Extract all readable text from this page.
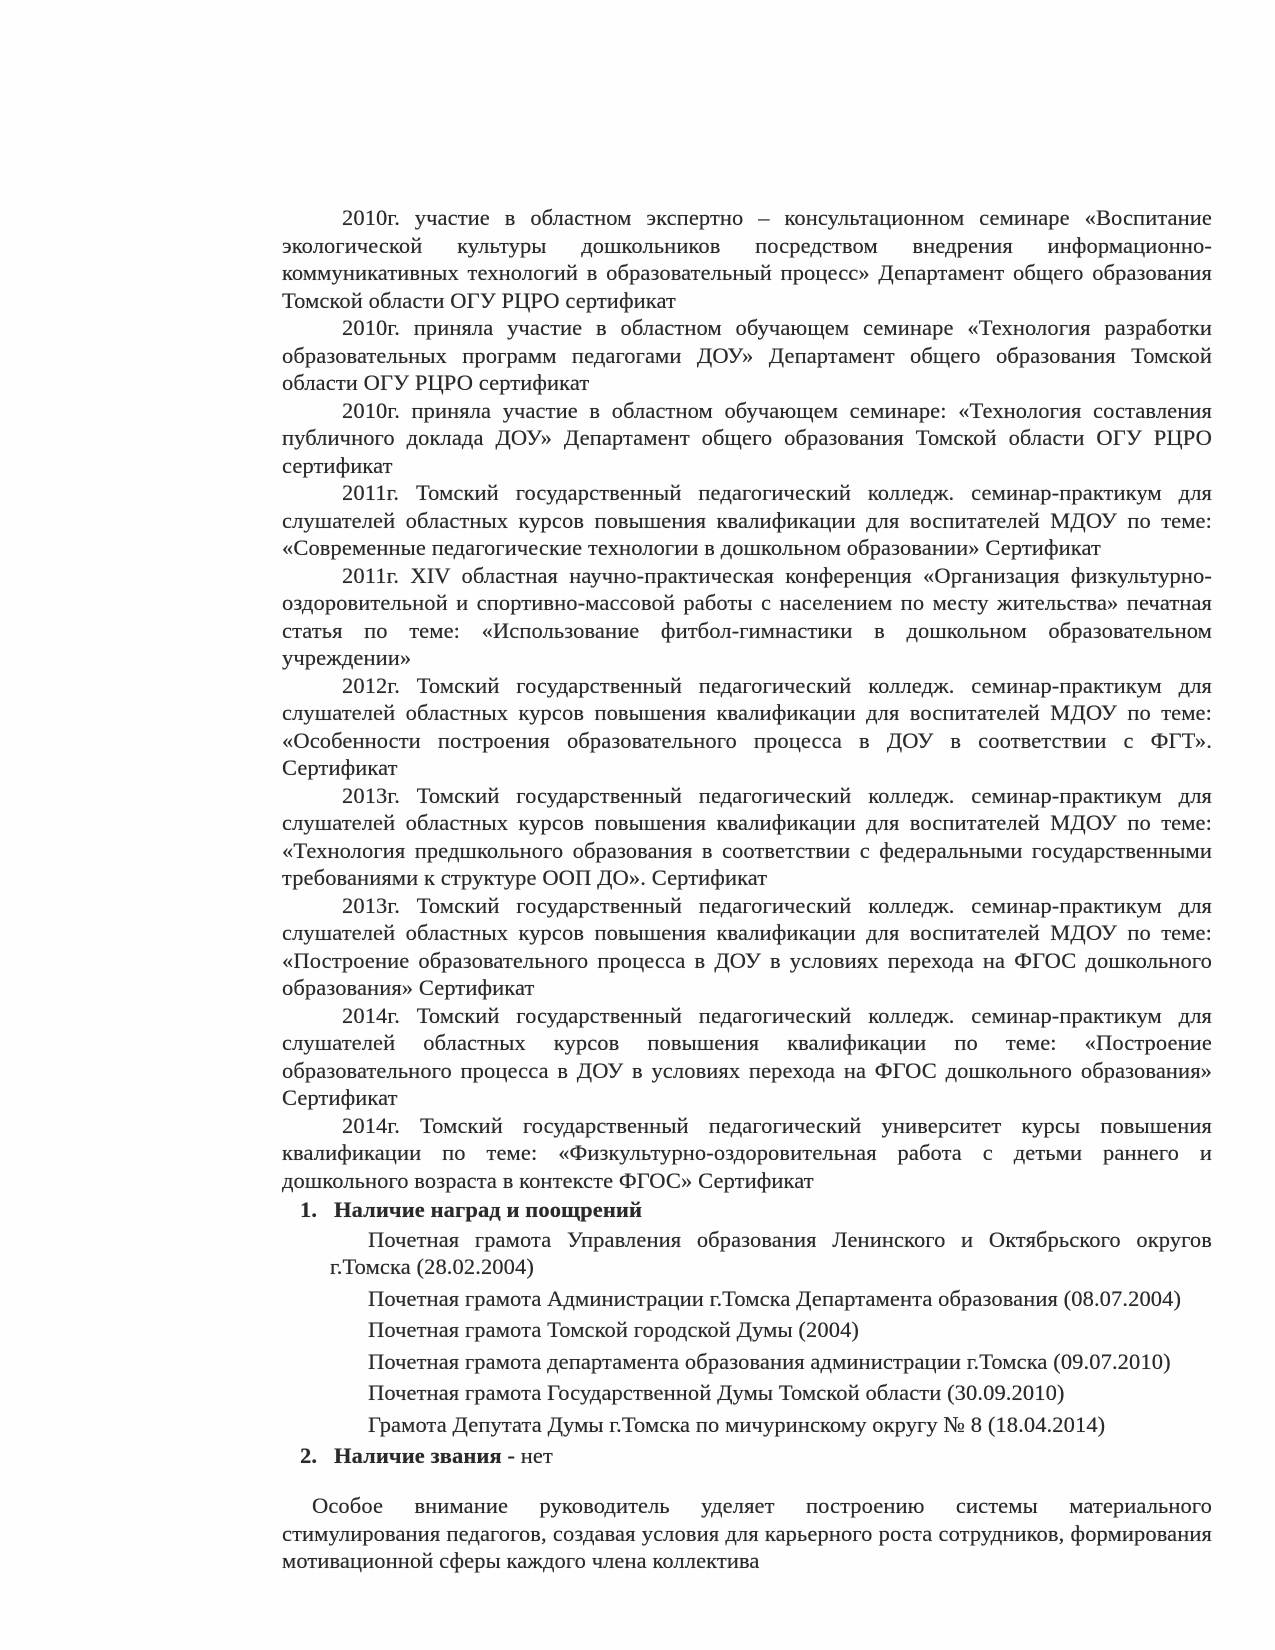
2010г. участие в областном экспертно – консультационном семинаре «Воспитание экологической культуры дошкольников посредством внедрения информационно-коммуникативных технологий в образовательный процесс» Департамент общего образования Томской области ОГУ РЦРО сертификат

2010г. приняла участие в областном обучающем семинаре «Технология разработки образовательных программ педагогами ДОУ» Департамент общего образования Томской области ОГУ РЦРО сертификат

2010г. приняла участие в областном обучающем семинаре: «Технология составления публичного доклада ДОУ» Департамент общего образования Томской области ОГУ РЦРО сертификат

2011г. Томский государственный педагогический колледж. семинар-практикум для слушателей областных курсов повышения квалификации для воспитателей МДОУ по теме: «Современные педагогические технологии в дошкольном образовании» Сертификат

2011г. XIV областная научно-практическая конференция «Организация физкультурно-оздоровительной и спортивно-массовой работы с населением по месту жительства» печатная статья по теме: «Использование фитбол-гимнастики в дошкольном образовательном учреждении»

2012г. Томский государственный педагогический колледж. семинар-практикум для слушателей областных курсов повышения квалификации для воспитателей МДОУ по теме: «Особенности построения образовательного процесса в ДОУ в соответствии с ФГТ». Сертификат

2013г. Томский государственный педагогический колледж. семинар-практикум для слушателей областных курсов повышения квалификации для воспитателей МДОУ по теме: «Технология предшкольного образования в соответствии с федеральными государственными требованиями к структуре ООП ДО». Сертификат

2013г. Томский государственный педагогический колледж. семинар-практикум для слушателей областных курсов повышения квалификации для воспитателей МДОУ по теме: «Построение образовательного процесса в ДОУ в условиях перехода на ФГОС дошкольного образования» Сертификат

2014г. Томский государственный педагогический колледж. семинар-практикум для слушателей областных курсов повышения квалификации по теме: «Построение образовательного процесса в ДОУ в условиях перехода на ФГОС дошкольного образования» Сертификат

2014г. Томский государственный педагогический университет курсы повышения квалификации по теме: «Физкультурно-оздоровительная работа с детьми раннего и дошкольного возраста в контексте ФГОС» Сертификат

1. Наличие наград и поощрений

Почетная грамота Управления образования Ленинского и Октябрьского округов г.Томска (28.02.2004)

Почетная грамота Администрации г.Томска Департамента образования (08.07.2004)

Почетная грамота Томской городской Думы (2004)

Почетная грамота департамента образования администрации г.Томска (09.07.2010)

Почетная грамота Государственной Думы Томской области (30.09.2010)

Грамота Депутата Думы г.Томска по мичуринскому округу № 8 (18.04.2014)

2. Наличие звания - нет

Особое внимание руководитель уделяет построению системы материального стимулирования педагогов, создавая условия для карьерного роста сотрудников, формирования мотивационной сферы каждого члена коллектива
